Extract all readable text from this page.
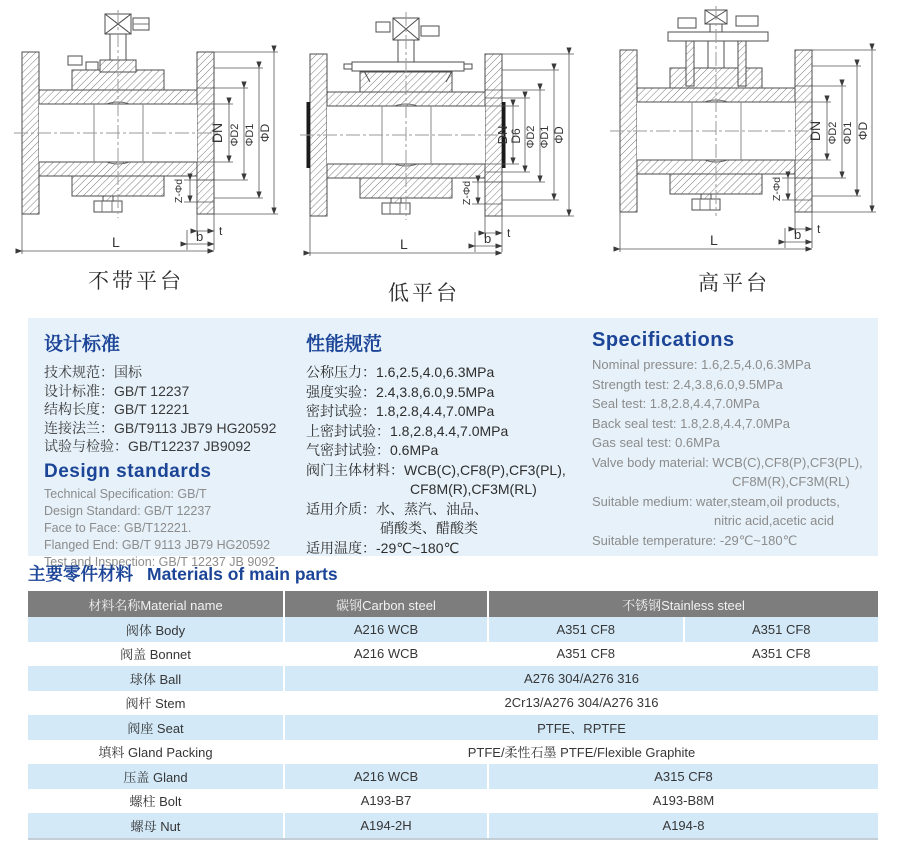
DN ΦD2 ΦD1 ΦD
Z-Φd
t
b
L
不带平台
DN D6 ΦD2 ΦD1 ΦD
Z-Φd
t
b
L
低平台
DN ΦD2 ΦD1 ΦD
Z-Φd
t
b
L
高平台
设计标准
技术规范：国标
设计标准：GB/T 12237
结构长度：GB/T 12221
连接法兰：GB/T9113 JB79 HG20592
试验与检验：GB/T12237 JB9092
Design standards
Technical Specification: GB/T
Design Standard: GB/T 12237
Face to Face: GB/T12221.
Flanged End: GB/T 9113 JB79 HG20592
Test and Inspection: GB/T 12237 JB 9092
性能规范
公称压力：1.6,2.5,4.0,6.3MPa
强度实验：2.4,3.8,6.0,9.5MPa
密封试验：1.8,2.8,4.4,7.0MPa
上密封试验：1.8,2.8,4.4,7.0MPa
气密封试验：0.6MPa
阀门主体材料：WCB(C),CF8(P),CF3(PL),
CF8M(R),CF3M(RL)
适用介质：水、蒸汽、油品、
硝酸类、醋酸类
适用温度：-29℃~180℃
Specifications
Nominal pressure: 1.6,2.5,4.0,6.3MPa
Strength test: 2.4,3.8,6.0,9.5MPa
Seal test: 1.8,2.8,4.4,7.0MPa
Back seal test: 1.8,2.8,4.4,7.0MPa
Gas seal test: 0.6MPa
Valve body material: WCB(C),CF8(P),CF3(PL),
CF8M(R),CF3M(RL)
Suitable medium: water,steam,oil products,
nitric acid,acetic acid
Suitable temperature: -29℃~180℃
主要零件材料 Materials of main parts
材料名称Material name	碳钢Carbon steel	不锈钢Stainless steel	
阀体 Body	A216 WCB	A351 CF8	A351 CF8
阀盖 Bonnet	A216 WCB	A351 CF8	A351 CF8
球体 Ball	A276 304/A276 316		
阀杆 Stem	2Cr13/A276 304/A276 316		
阀座 Seat	PTFE、RPTFE		
填料 Gland Packing	PTFE/柔性石墨 PTFE/Flexible Graphite		
压盖 Gland	A216 WCB	A315 CF8	
螺柱 Bolt	A193-B7	A193-B8M	
螺母 Nut	A194-2H	A194-8	
